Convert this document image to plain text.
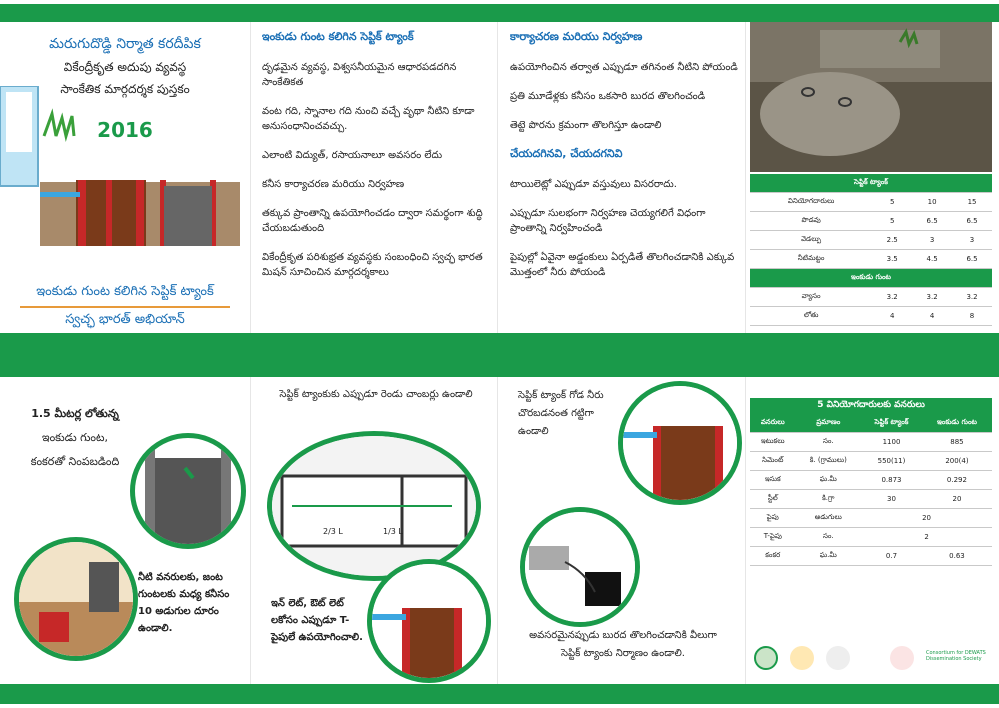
మరుగుదొడ్డి నిర్మాత కరదీపిక
వికేంద్రీకృత అదుపు వ్యవస్థ
సాంకేతిక మార్గదర్శక పుస్తకం
2016
ఇంకుడు గుంట కలిగిన సెప్టిక్ ట్యాంక్
స్వచ్ఛ భారత్ అభియాన్
ఇంకుడు గుంట కలిగిన సెప్టిక్ ట్యాంక్
దృఢమైన వ్యవస్థ, విశ్వసనీయమైన ఆధారపడదగిన సాంకేతికత
వంట గది, స్నానాల గది నుంచి వచ్చే వృథా నీటిని కూడా అనుసంధానించవచ్చు.
ఎలాంటి విద్యుత్, రసాయనాలూ అవసరం లేదు
కనీస కార్యాచరణ మరియు నిర్వహణ
తక్కువ ప్రాంతాన్ని ఉపయోగించడం ద్వారా సమర్థంగా శుద్ధి చేయబడుతుంది
వికేంద్రీకృత పరిశుభ్రత వ్యవస్థకు సంబంధించి స్వచ్ఛ భారత మిషన్ సూచించిన మార్గదర్శకాలు
కార్యాచరణ మరియు నిర్వహణ
ఉపయోగించిన తర్వాత ఎప్పుడూ తగినంత నీటిని పోయండి
ప్రతి మూడేళ్లకు కనీసం ఒకసారి బురద తొలగించండి
తెట్టె పొరను క్రమంగా తొలగిస్తూ ఉండాలి
చేయదగినవి, చేయదగనివి
టాయిలెట్లో ఎప్పుడూ వస్తువులు విసరరాదు.
ఎప్పుడూ సులభంగా నిర్వహణ చెయ్యగలిగే విధంగా ప్రాంతాన్ని నిర్వహించండి
పైపుల్లో ఏవైనా అడ్డంకులు ఏర్పడితే తొలగించడానికి ఎక్కువ మొత్తంలో నీరు పోయండి
సెప్టిక్ ట్యాంక్			
వినియోగదారులు	5	10	15
పొడవు	5	6.5	6.5
వెడల్పు	2.5	3	3
నీటిమట్టం	3.5	4.5	6.5
ఇంకుడు గుంట			
వ్యాసం	3.2	3.2	3.2
లోతు	4	4	8
1.5 మీటర్ల లోతున్న
ఇంకుడు గుంట,
కంకరతో నింపబడింది
నీటి వనరులకు, జంట గుంటలకు మధ్య కనీసం 10 అడుగుల దూరం ఉండాలి.
సెప్టిక్ ట్యాంకుకు ఎప్పుడూ రెండు చాంబర్లు ఉండాలి
2/3 L	1/3 L
ఇన్ లెట్, ఔట్ లెట్ లకోసం ఎప్పుడూ T-పైపులే ఉపయోగించాలి.
సెప్టిక్ ట్యాంక్ గోడ నీరు చొరబడనంత గట్టిగా ఉండాలి
అవసరమైనప్పుడు బురద తొలగించడానికి వీలుగా సెప్టిక్ ట్యాంకు నిర్మాణం ఉండాలి.
5 వినియోగదారులకు వనరులు
వనరులు	ప్రమాణం	సెప్టిక్ ట్యాంక్	ఇంకుడు గుంట
ఇటుకలు	సం.	1100	885
సిమెంట్	కి. (గ్రాములు)	550(11)	200(4)
ఇసుక	ఘ.మీ	0.873	0.292
స్టీల్	కి.గ్రా	30	20
పైపు	అడుగులు	20	
T-పైపు	సం.	2	
కంకర	ఘ.మీ	0.7	0.63
Consortium for DEWATS Dissemination Society
